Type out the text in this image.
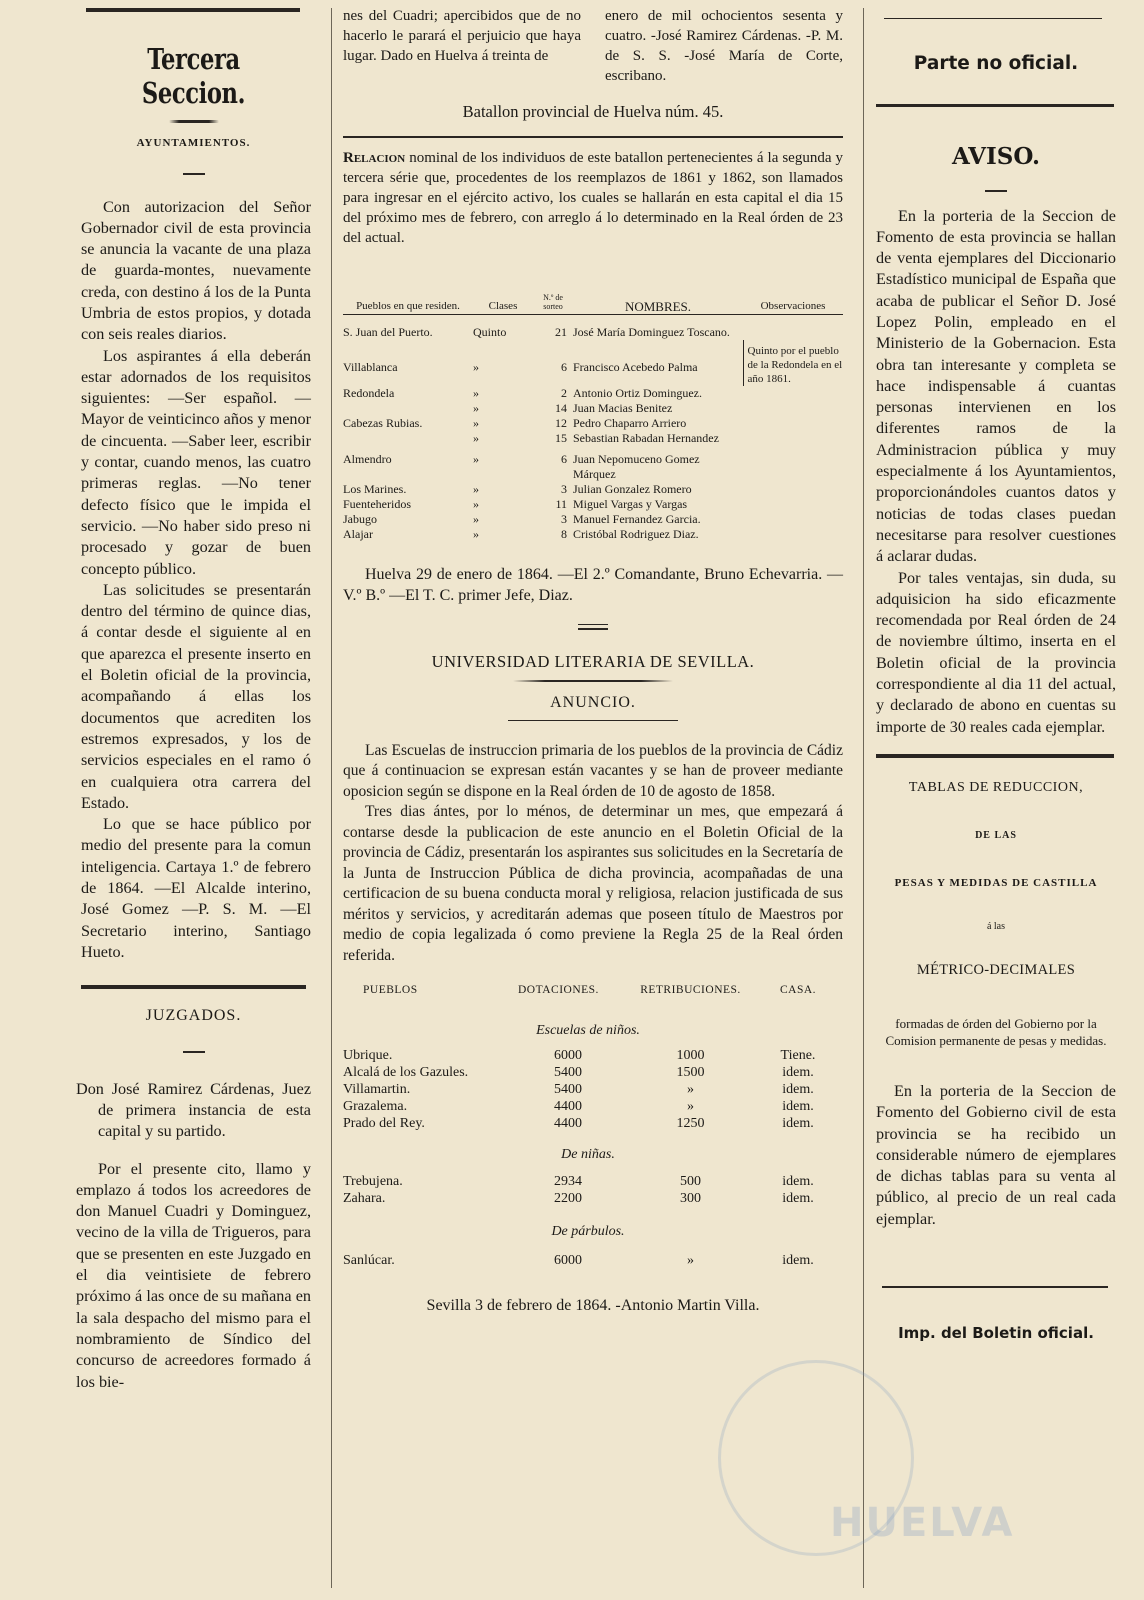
Tercera Seccion.
AYUNTAMIENTOS.

Con autorizacion del Señor Gobernador civil de esta provincia se anuncia la vacante de una plaza de guarda-montes, nuevamente creda, con destino á los de la Punta Umbria de estos propios, y dotada con seis reales diarios.

Los aspirantes á ella deberán estar adornados de los requisitos siguientes: —Ser español. —Mayor de veinticinco años y menor de cincuenta. —Saber leer, escribir y contar, cuando menos, las cuatro primeras reglas. —No tener defecto físico que le impida el servicio. —No haber sido preso ni procesado y gozar de buen concepto público.

Las solicitudes se presentarán dentro del término de quince dias, á contar desde el siguiente al en que aparezca el presente inserto en el Boletin oficial de la provincia, acompañando á ellas los documentos que acrediten los estremos expresados, y los de servicios especiales en el ramo ó en cualquiera otra carrera del Estado.

Lo que se hace público por medio del presente para la comun inteligencia. Cartaya 1.º de febrero de 1864. —El Alcalde interino, José Gomez —P. S. M. —El Secretario interino, Santiago Hueto.

JUZGADOS.

Don José Ramirez Cárdenas, Juez de primera instancia de esta capital y su partido.

Por el presente cito, llamo y emplazo á todos los acreedores de don Manuel Cuadri y Dominguez, vecino de la villa de Trigueros, para que se presenten en este Juzgado en el dia veintisiete de febrero próximo á las once de su mañana en la sala despacho del mismo para el nombramiento de Síndico del concurso de acreedores formado á los bie-

nes del Cuadri; apercibidos que de no hacerlo le parará el perjuicio que haya lugar. Dado en Huelva á treinta de

enero de mil ochocientos sesenta y cuatro. -José Ramirez Cárdenas. -P. M. de S. S. -José María de Corte, escribano.

Batallon provincial de Huelva núm. 45.

Relacion nominal de los individuos de este batallon pertenecientes á la segunda y tercera série que, procedentes de los reemplazos de 1861 y 1862, son llamados para ingresar en el ejército activo, los cuales se hallarán en esta capital el dia 15 del próximo mes de febrero, con arreglo á lo determinado en la Real órden de 23 del actual.

Pueblos en que residen.	Clases	N.º de sorteo	NOMBRES.	Observaciones
S. Juan del Puerto.	Quinto	21	José María Dominguez Toscano.	
Villablanca	»	6	Francisco Acebedo Palma	Quinto por el pueblo de la Redondela en el año 1861.
Redondela	»	2	Antonio Ortiz Dominguez.	
	»	14	Juan Macias Benitez	
Cabezas Rubias.	»	12	Pedro Chaparro Arriero	
	»	15	Sebastian Rabadan Hernandez	
Almendro	»	6	Juan Nepomuceno Gomez Márquez	
Los Marines.	»	3	Julian Gonzalez Romero	
Fuenteheridos	»	11	Miguel Vargas y Vargas	
Jabugo	»	3	Manuel Fernandez Garcia.	
Alajar	»	8	Cristóbal Rodriguez Diaz.	

Huelva 29 de enero de 1864. —El 2.º Comandante, Bruno Echevarria. —V.º B.º —El T. C. primer Jefe, Diaz.

UNIVERSIDAD LITERARIA DE SEVILLA.
ANUNCIO.

Las Escuelas de instruccion primaria de los pueblos de la provincia de Cádiz que á continuacion se expresan están vacantes y se han de proveer mediante oposicion según se dispone en la Real órden de 10 de agosto de 1858.

Tres dias ántes, por lo ménos, de determinar un mes, que empezará á contarse desde la publicacion de este anuncio en el Boletin Oficial de la provincia de Cádiz, presentarán los aspirantes sus solicitudes en la Secretaría de la Junta de Instruccion Pública de dicha provincia, acompañadas de una certificacion de su buena conducta moral y religiosa, relacion justificada de sus méritos y servicios, y acreditarán ademas que poseen título de Maestros por medio de copia legalizada ó como previene la Regla 25 de la Real órden referida.

PUEBLOS	DOTACIONES.	RETRIBUCIONES.	CASA.
Escuelas de niños.			
Ubrique.	6000	1000	Tiene.
Alcalá de los Gazules.	5400	1500	idem.
Villamartin.	5400	»	idem.
Grazalema.	4400	»	idem.
Prado del Rey.	4400	1250	idem.
De niñas.			
Trebujena.	2934	500	idem.
Zahara.	2200	300	idem.
De párbulos.			
Sanlúcar.	6000	»	idem.
Sevilla 3 de febrero de 1864. -Antonio Martin Villa.
Parte no oficial.
AVISO.

En la porteria de la Seccion de Fomento de esta provincia se hallan de venta ejemplares del Diccionario Estadístico municipal de España que acaba de publicar el Señor D. José Lopez Polin, empleado en el Ministerio de la Gobernacion. Esta obra tan interesante y completa se hace indispensable á cuantas personas intervienen en los diferentes ramos de la Administracion pública y muy especialmente á los Ayuntamientos, proporcionándoles cuantos datos y noticias de todas clases puedan necesitarse para resolver cuestiones á aclarar dudas.

Por tales ventajas, sin duda, su adquisicion ha sido eficazmente recomendada por Real órden de 24 de noviembre último, inserta en el Boletin oficial de la provincia correspondiente al dia 11 del actual, y declarado de abono en cuentas su importe de 30 reales cada ejemplar.

TABLAS DE REDUCCION,
DE LAS
PESAS Y MEDIDAS DE CASTILLA
á las
MÉTRICO-DECIMALES
formadas de órden del Gobierno por la Comision permanente de pesas y medidas.

En la porteria de la Seccion de Fomento del Gobierno civil de esta provincia se ha recibido un considerable número de ejemplares de dichas tablas para su venta al público, al precio de un real cada ejemplar.

Imp. del Boletin oficial.
HUELVA
